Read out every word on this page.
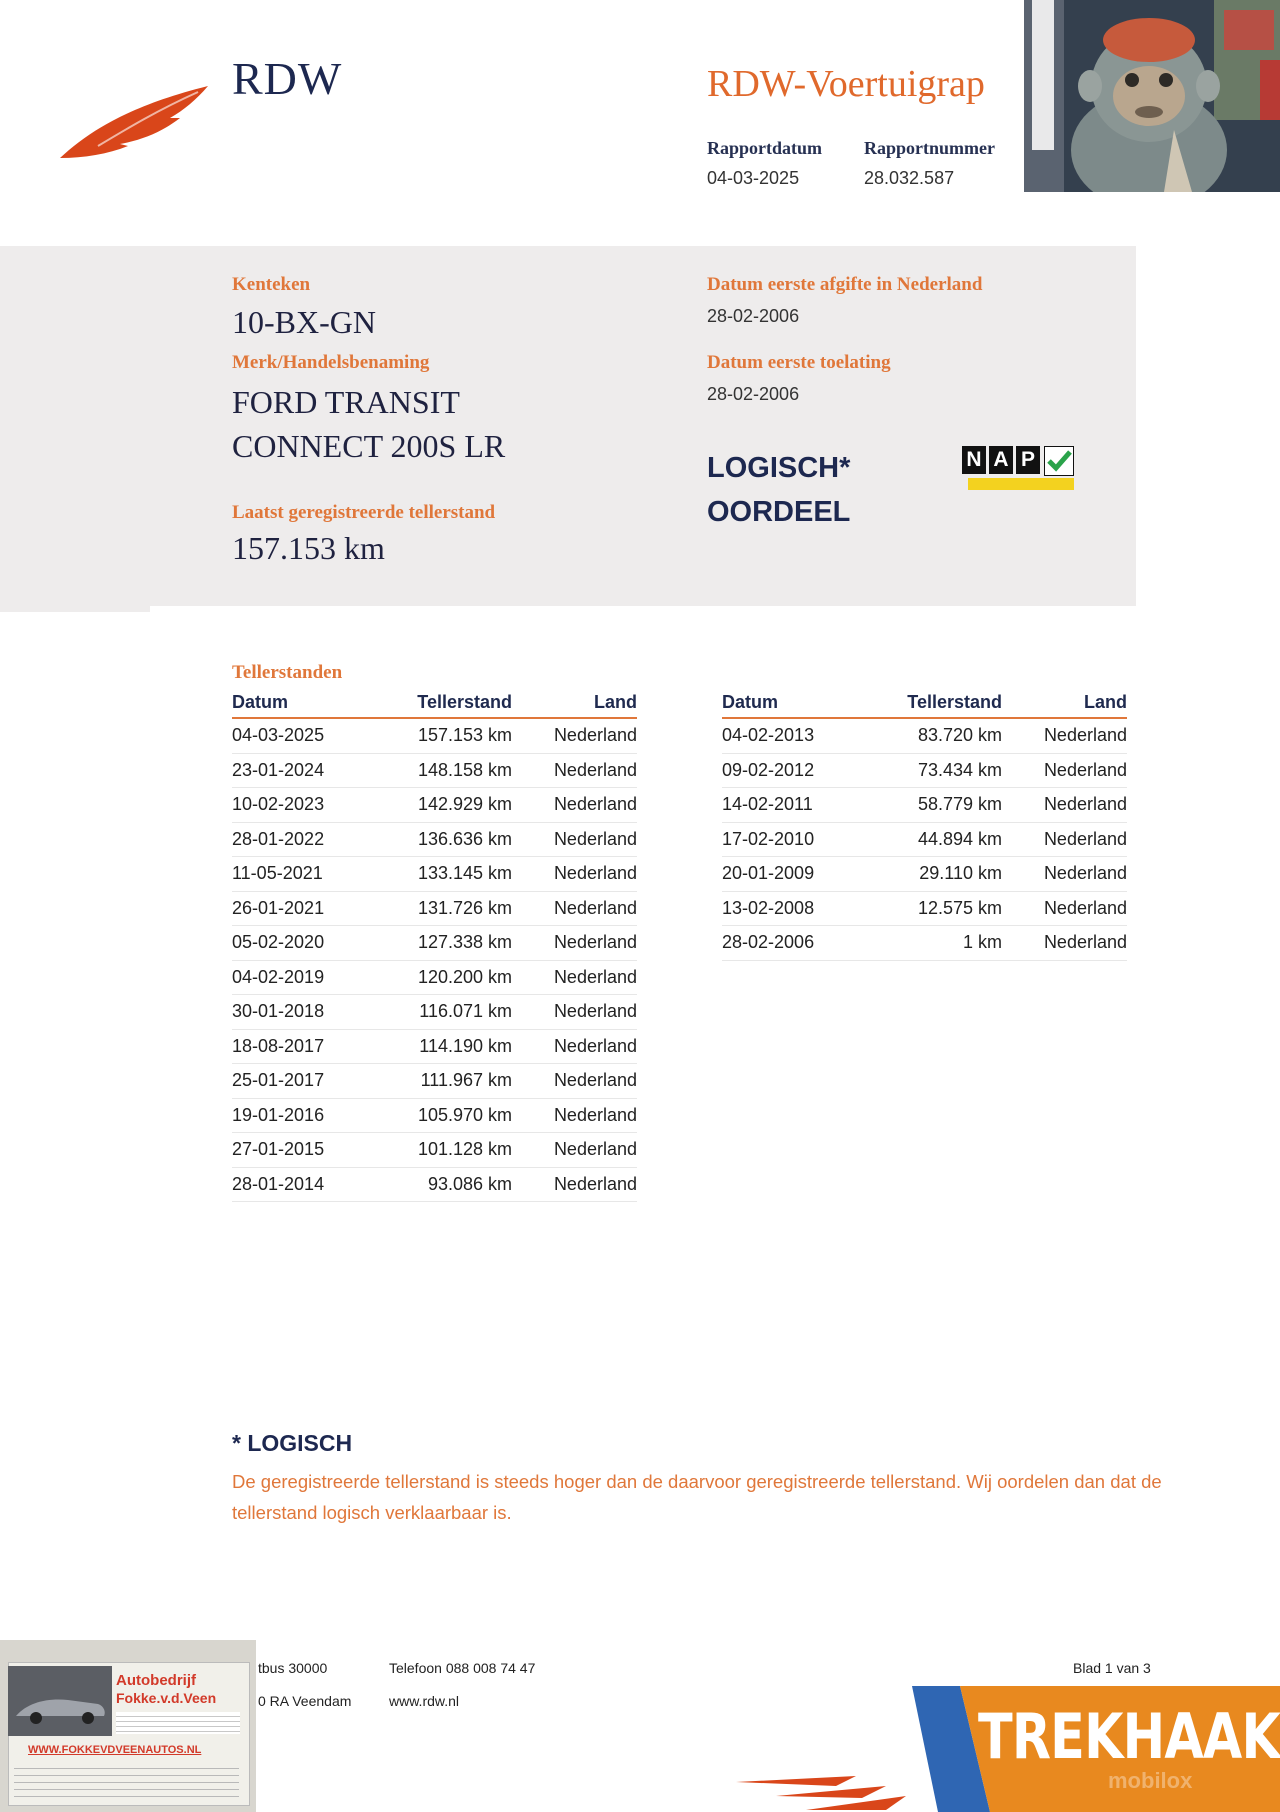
RDW	RDW-Voertuigrap
Rapportdatum
04-03-2025
Rapportnummer
28.032.587
Kenteken
10-BX-GN
Merk/Handelsbenaming
FORD TRANSIT
CONNECT 200S LR
Laatst geregistreerde tellerstand
157.153 km
Datum eerste afgifte in Nederland
28-02-2006
Datum eerste toelating
28-02-2006
LOGISCH*
OORDEEL
N A P
Tellerstanden
Datum	Tellerstand	Land
04-03-2025	157.153 km	Nederland
23-01-2024	148.158 km	Nederland
10-02-2023	142.929 km	Nederland
28-01-2022	136.636 km	Nederland
11-05-2021	133.145 km	Nederland
26-01-2021	131.726 km	Nederland
05-02-2020	127.338 km	Nederland
04-02-2019	120.200 km	Nederland
30-01-2018	116.071 km	Nederland
18-08-2017	114.190 km	Nederland
25-01-2017	111.967 km	Nederland
19-01-2016	105.970 km	Nederland
27-01-2015	101.128 km	Nederland
28-01-2014	93.086 km	Nederland
Datum	Tellerstand	Land
04-02-2013	83.720 km	Nederland
09-02-2012	73.434 km	Nederland
14-02-2011	58.779 km	Nederland
17-02-2010	44.894 km	Nederland
20-01-2009	29.110 km	Nederland
13-02-2008	12.575 km	Nederland
28-02-2006	1 km	Nederland
* LOGISCH
De geregistreerde tellerstand is steeds hoger dan de daarvoor geregistreerde tellerstand. Wij oordelen dan dat de tellerstand logisch verklaarbaar is.
tbus 30000
0 RA Veendam
Telefoon 088 008 74 47
www.rdw.nl
Blad 1 van 3
Autobedrijf
Fokke.v.d.Veen
WWW.FOKKEVDVEENAUTOS.NL	TREKHAAK
mobilox
